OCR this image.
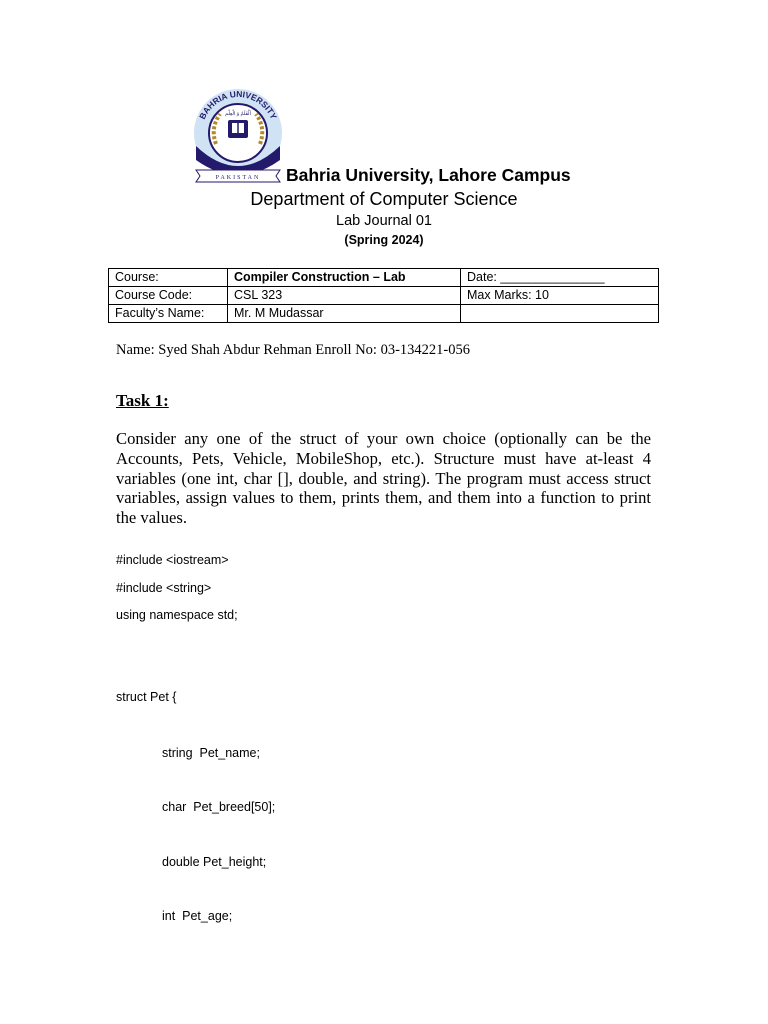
BAHRIA UNIVERSITY
اَلْقَلَمُ وَ الْعِلْم
PAKISTAN Bahria University, Lahore Campus
Department of Computer Science
Lab Journal 01
(Spring 2024)
Course:	Compiler Construction – Lab	Date: _______________
Course Code:	CSL 323	Max Marks: 10
Faculty’s Name:	Mr. M Mudassar	
Name: Syed Shah Abdur Rehman Enroll No: 03-134221-056
Task 1:
Consider any one of the struct of your own choice (optionally can be the Accounts, Pets, Vehicle, MobileShop, etc.). Structure must have at-least 4 variables (one int, char [], double, and string). The program must access struct variables, assign values to them, prints them, and them into a function to print the values.
#include <iostream>
#include <string>
using namespace std;
struct Pet {
string  Pet_name;
char  Pet_breed[50];
double Pet_height;
int  Pet_age;
